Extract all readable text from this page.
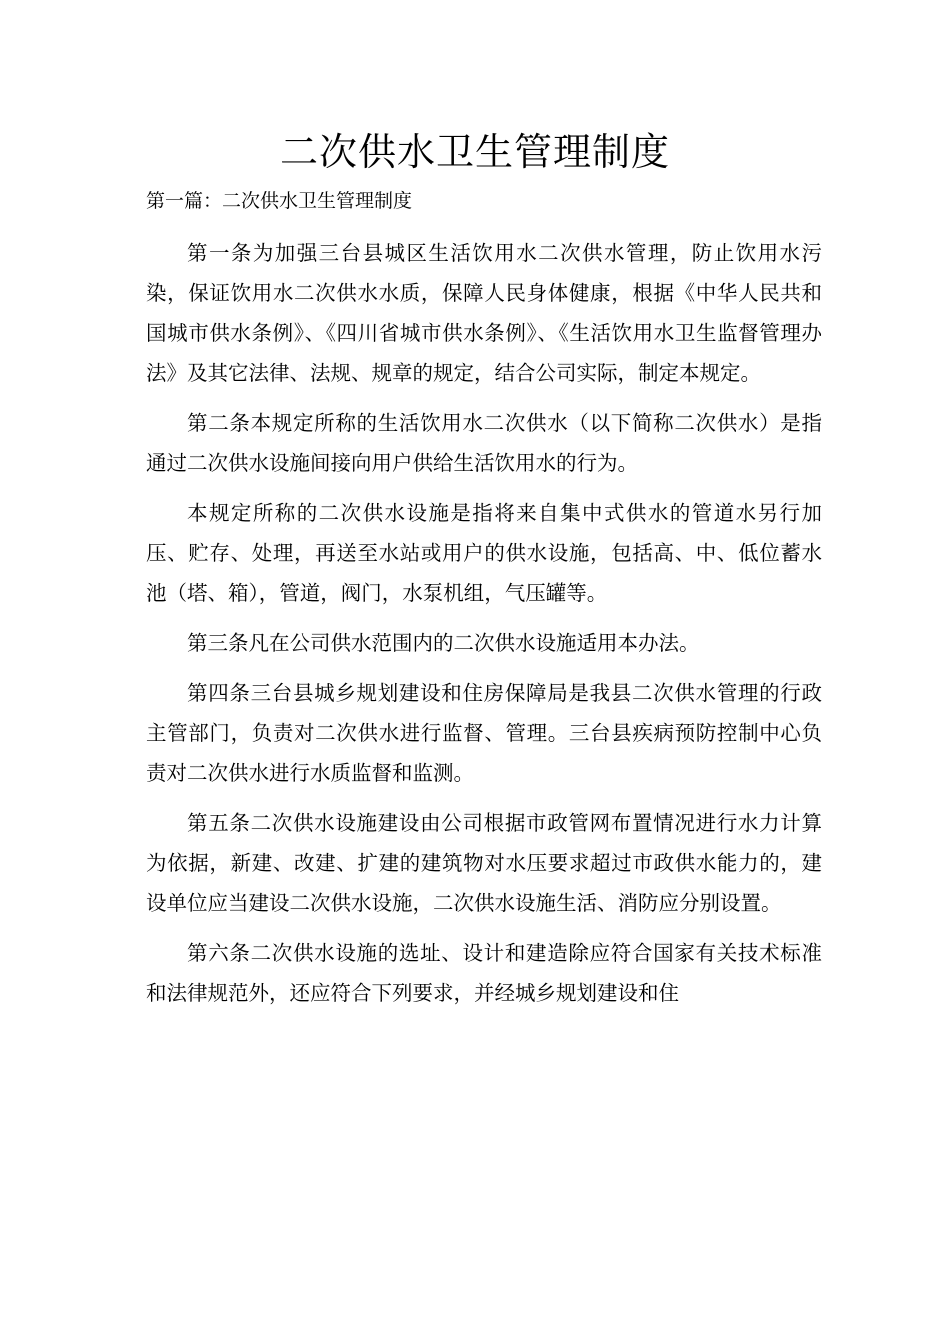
二次供水卫生管理制度

第一篇：二次供水卫生管理制度

第一条为加强三台县城区生活饮用水二次供水管理，防止饮用水污染，保证饮用水二次供水水质，保障人民身体健康，根据《中华人民共和国城市供水条例》、《四川省城市供水条例》、《生活饮用水卫生监督管理办法》及其它法律、法规、规章的规定，结合公司实际，制定本规定。

第二条本规定所称的生活饮用水二次供水（以下简称二次供水）是指通过二次供水设施间接向用户供给生活饮用水的行为。

本规定所称的二次供水设施是指将来自集中式供水的管道水另行加压、贮存、处理，再送至水站或用户的供水设施，包括高、中、低位蓄水池（塔、箱），管道，阀门，水泵机组，气压罐等。

第三条凡在公司供水范围内的二次供水设施适用本办法。

第四条三台县城乡规划建设和住房保障局是我县二次供水管理的行政主管部门，负责对二次供水进行监督、管理。三台县疾病预防控制中心负责对二次供水进行水质监督和监测。

第五条二次供水设施建设由公司根据市政管网布置情况进行水力计算为依据，新建、改建、扩建的建筑物对水压要求超过市政供水能力的，建设单位应当建设二次供水设施，二次供水设施生活、消防应分别设置。

第六条二次供水设施的选址、设计和建造除应符合国家有关技术标准和法律规范外，还应符合下列要求，并经城乡规划建设和住
